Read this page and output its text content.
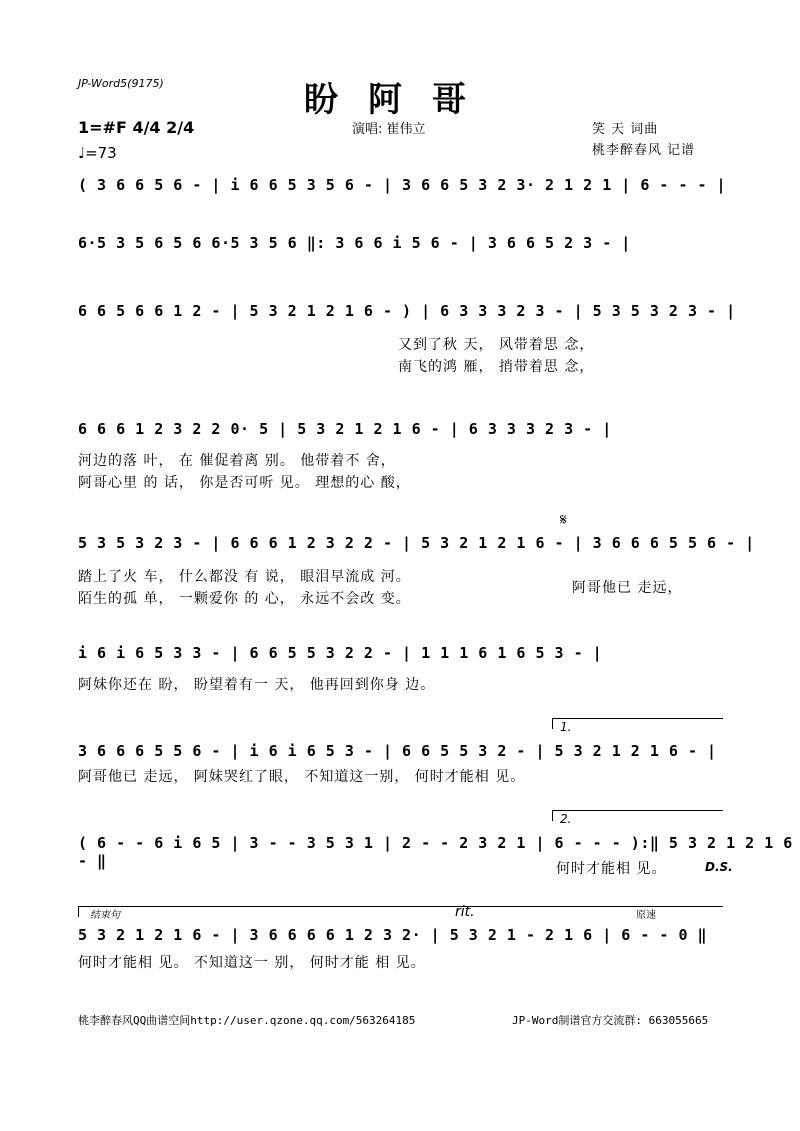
JP-Word5(9175)	盼阿哥
1=#F 4/4 2/4
♩=73
演唱: 崔伟立	笑 天 词曲
桃李醉春风 记谱
( 3 6 6 5 6 - | i 6 6 5 3 5 6 - | 3 6 6 5 3 2 3· 2 1 2 1 | 6 - - - |
6·5 3 5 6 5 6 6·5 3 5 6 ‖: 3 6 6 i 5 6 - | 3 6 6 5 2 3 - |
6 6 5 6 6 1 2 - | 5 3 2 1 2 1 6 - ) | 6 3 3 3 2 3 - | 5 3 5 3 2 3 - |
又到了秋 天， 风带着思 念，
南飞的鸿 雁， 捎带着思 念，
6 6 6 1 2 3 2 2 0· 5 | 5 3 2 1 2 1 6 - | 6 3 3 3 2 3 - |
河边的落 叶， 在 催促着离 别。 他带着不 舍，
阿哥心里 的 话， 你是否可听 见。 理想的心 酸，
𝄋
5 3 5 3 2 3 - | 6 6 6 1 2 3 2 2 - | 5 3 2 1 2 1 6 - | 3 6 6 6 5 5 6 - |
踏上了火 车， 什么都没 有 说， 眼泪早流成 河。
陌生的孤 单， 一颗爱你 的 心， 永远不会改 变。
阿哥他已 走远，
i 6 i 6 5 3 3 - | 6 6 5 5 3 2 2 - | 1 1 1 6 1 6 5 3 - |
阿妹你还在 盼， 盼望着有一 天， 他再回到你身 边。
1.
3 6 6 6 5 5 6 - | i 6 i 6 5 3 - | 6 6 5 5 3 2 - | 5 3 2 1 2 1 6 - |
阿哥他已 走远， 阿妹哭红了眼， 不知道这一别， 何时才能相 见。
2.
( 6 - - 6 i 6 5 | 3 - - 3 5 3 1 | 2 - - 2 3 2 1 | 6 - - - ):‖ 5 3 2 1 2 1 6 - ‖	何时才能相 见。	D.S.
结束句	rit.	原速
5 3 2 1 2 1 6 - | 3 6 6 6 6 1 2 3 2· | 5 3 2 1 - 2 1 6 | 6 - - 0 ‖
何时才能相 见。 不知道这一 别， 何时才能 相 见。
桃李醉春风QQ曲谱空间http://user.qzone.qq.com/563264185	JP-Word制谱官方交流群: 663055665
